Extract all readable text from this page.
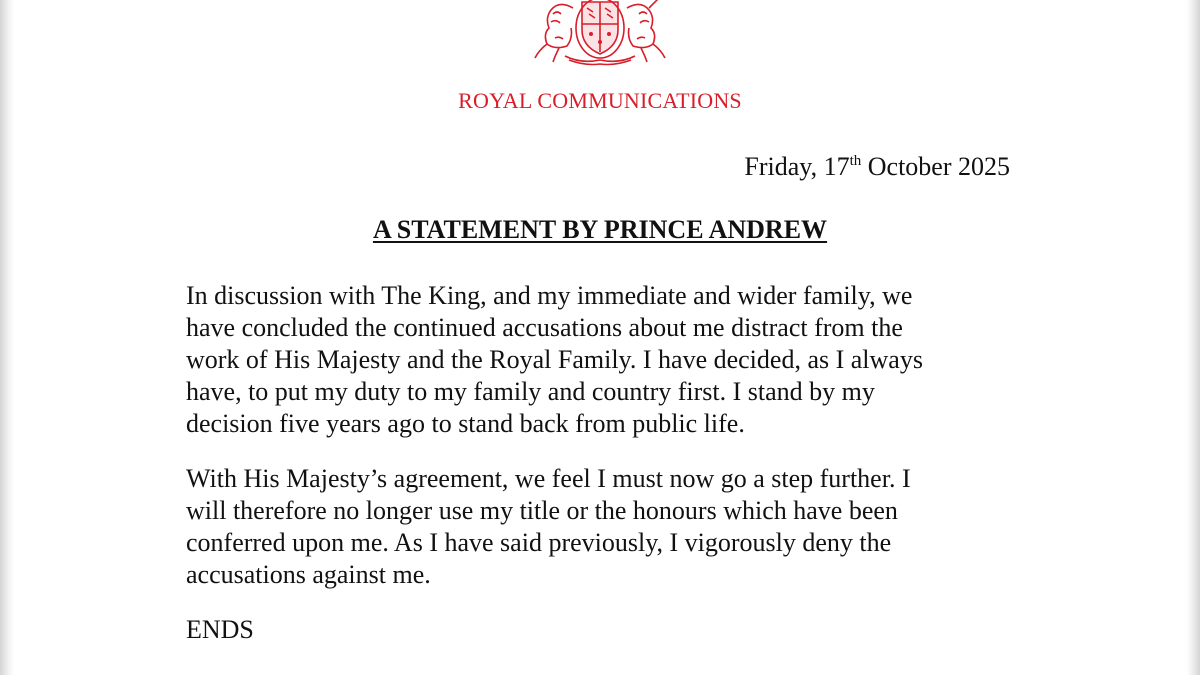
ROYAL COMMUNICATIONS
Friday, 17th October 2025
A STATEMENT BY PRINCE ANDREW

In discussion with The King, and my immediate and wider family, we
have concluded the continued accusations about me distract from the
work of His Majesty and the Royal Family. I have decided, as I always
have, to put my duty to my family and country first. I stand by my
decision five years ago to stand back from public life.

With His Majesty’s agreement, we feel I must now go a step further. I
will therefore no longer use my title or the honours which have been
conferred upon me. As I have said previously, I vigorously deny the
accusations against me.

ENDS
